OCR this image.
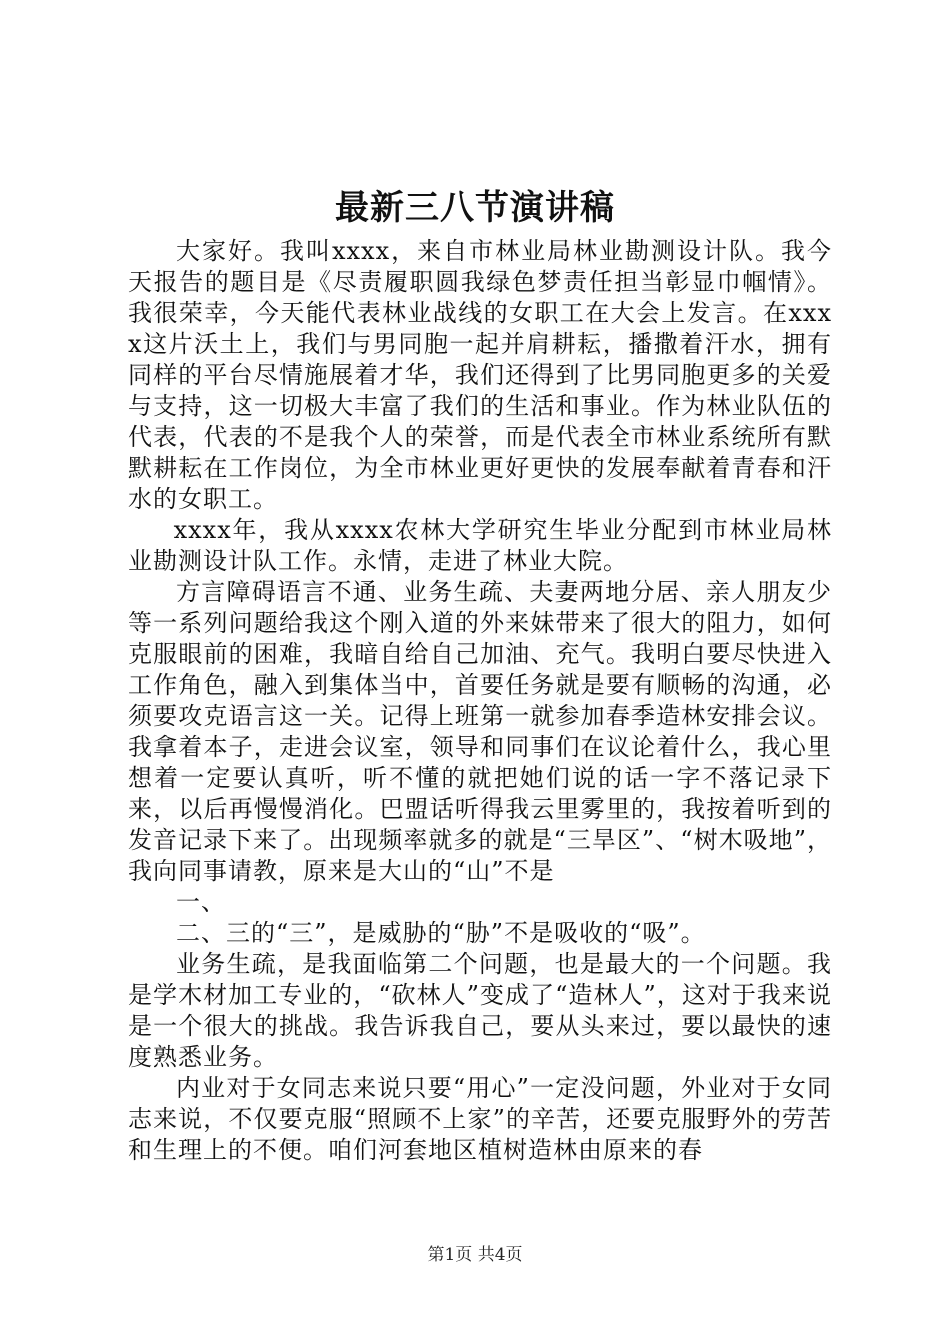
最新三八节演讲稿

大家好。我叫xxxx，来自市林业局林业勘测设计队。我今天报告的题目是《尽责履职圆我绿色梦责任担当彰显巾帼情》。我很荣幸，今天能代表林业战线的女职工在大会上发言。在xxxx这片沃土上，我们与男同胞一起并肩耕耘，播撒着汗水，拥有同样的平台尽情施展着才华，我们还得到了比男同胞更多的关爱与支持，这一切极大丰富了我们的生活和事业。作为林业队伍的代表，代表的不是我个人的荣誉，而是代表全市林业系统所有默默耕耘在工作岗位，为全市林业更好更快的发展奉献着青春和汗水的女职工。

xxxx年，我从xxxx农林大学研究生毕业分配到市林业局林业勘测设计队工作。永情，走进了林业大院。

方言障碍语言不通、业务生疏、夫妻两地分居、亲人朋友少等一系列问题给我这个刚入道的外来妹带来了很大的阻力，如何克服眼前的困难，我暗自给自己加油、充气。我明白要尽快进入工作角色，融入到集体当中，首要任务就是要有顺畅的沟通，必须要攻克语言这一关。记得上班第一就参加春季造林安排会议。我拿着本子，走进会议室，领导和同事们在议论着什么，我心里想着一定要认真听，听不懂的就把她们说的话一字不落记录下来，以后再慢慢消化。巴盟话听得我云里雾里的，我按着听到的发音记录下来了。出现频率就多的就是“三旱区”、“树木吸地”，我向同事请教，原来是大山的“山”不是

一、

二、三的“三”，是威胁的“胁”不是吸收的“吸”。

业务生疏，是我面临第二个问题，也是最大的一个问题。我是学木材加工专业的，“砍林人”变成了“造林人”，这对于我来说是一个很大的挑战。我告诉我自己，要从头来过，要以最快的速度熟悉业务。

内业对于女同志来说只要“用心”一定没问题，外业对于女同志来说，不仅要克服“照顾不上家”的辛苦，还要克服野外的劳苦和生理上的不便。咱们河套地区植树造林由原来的春

第1页 共4页
